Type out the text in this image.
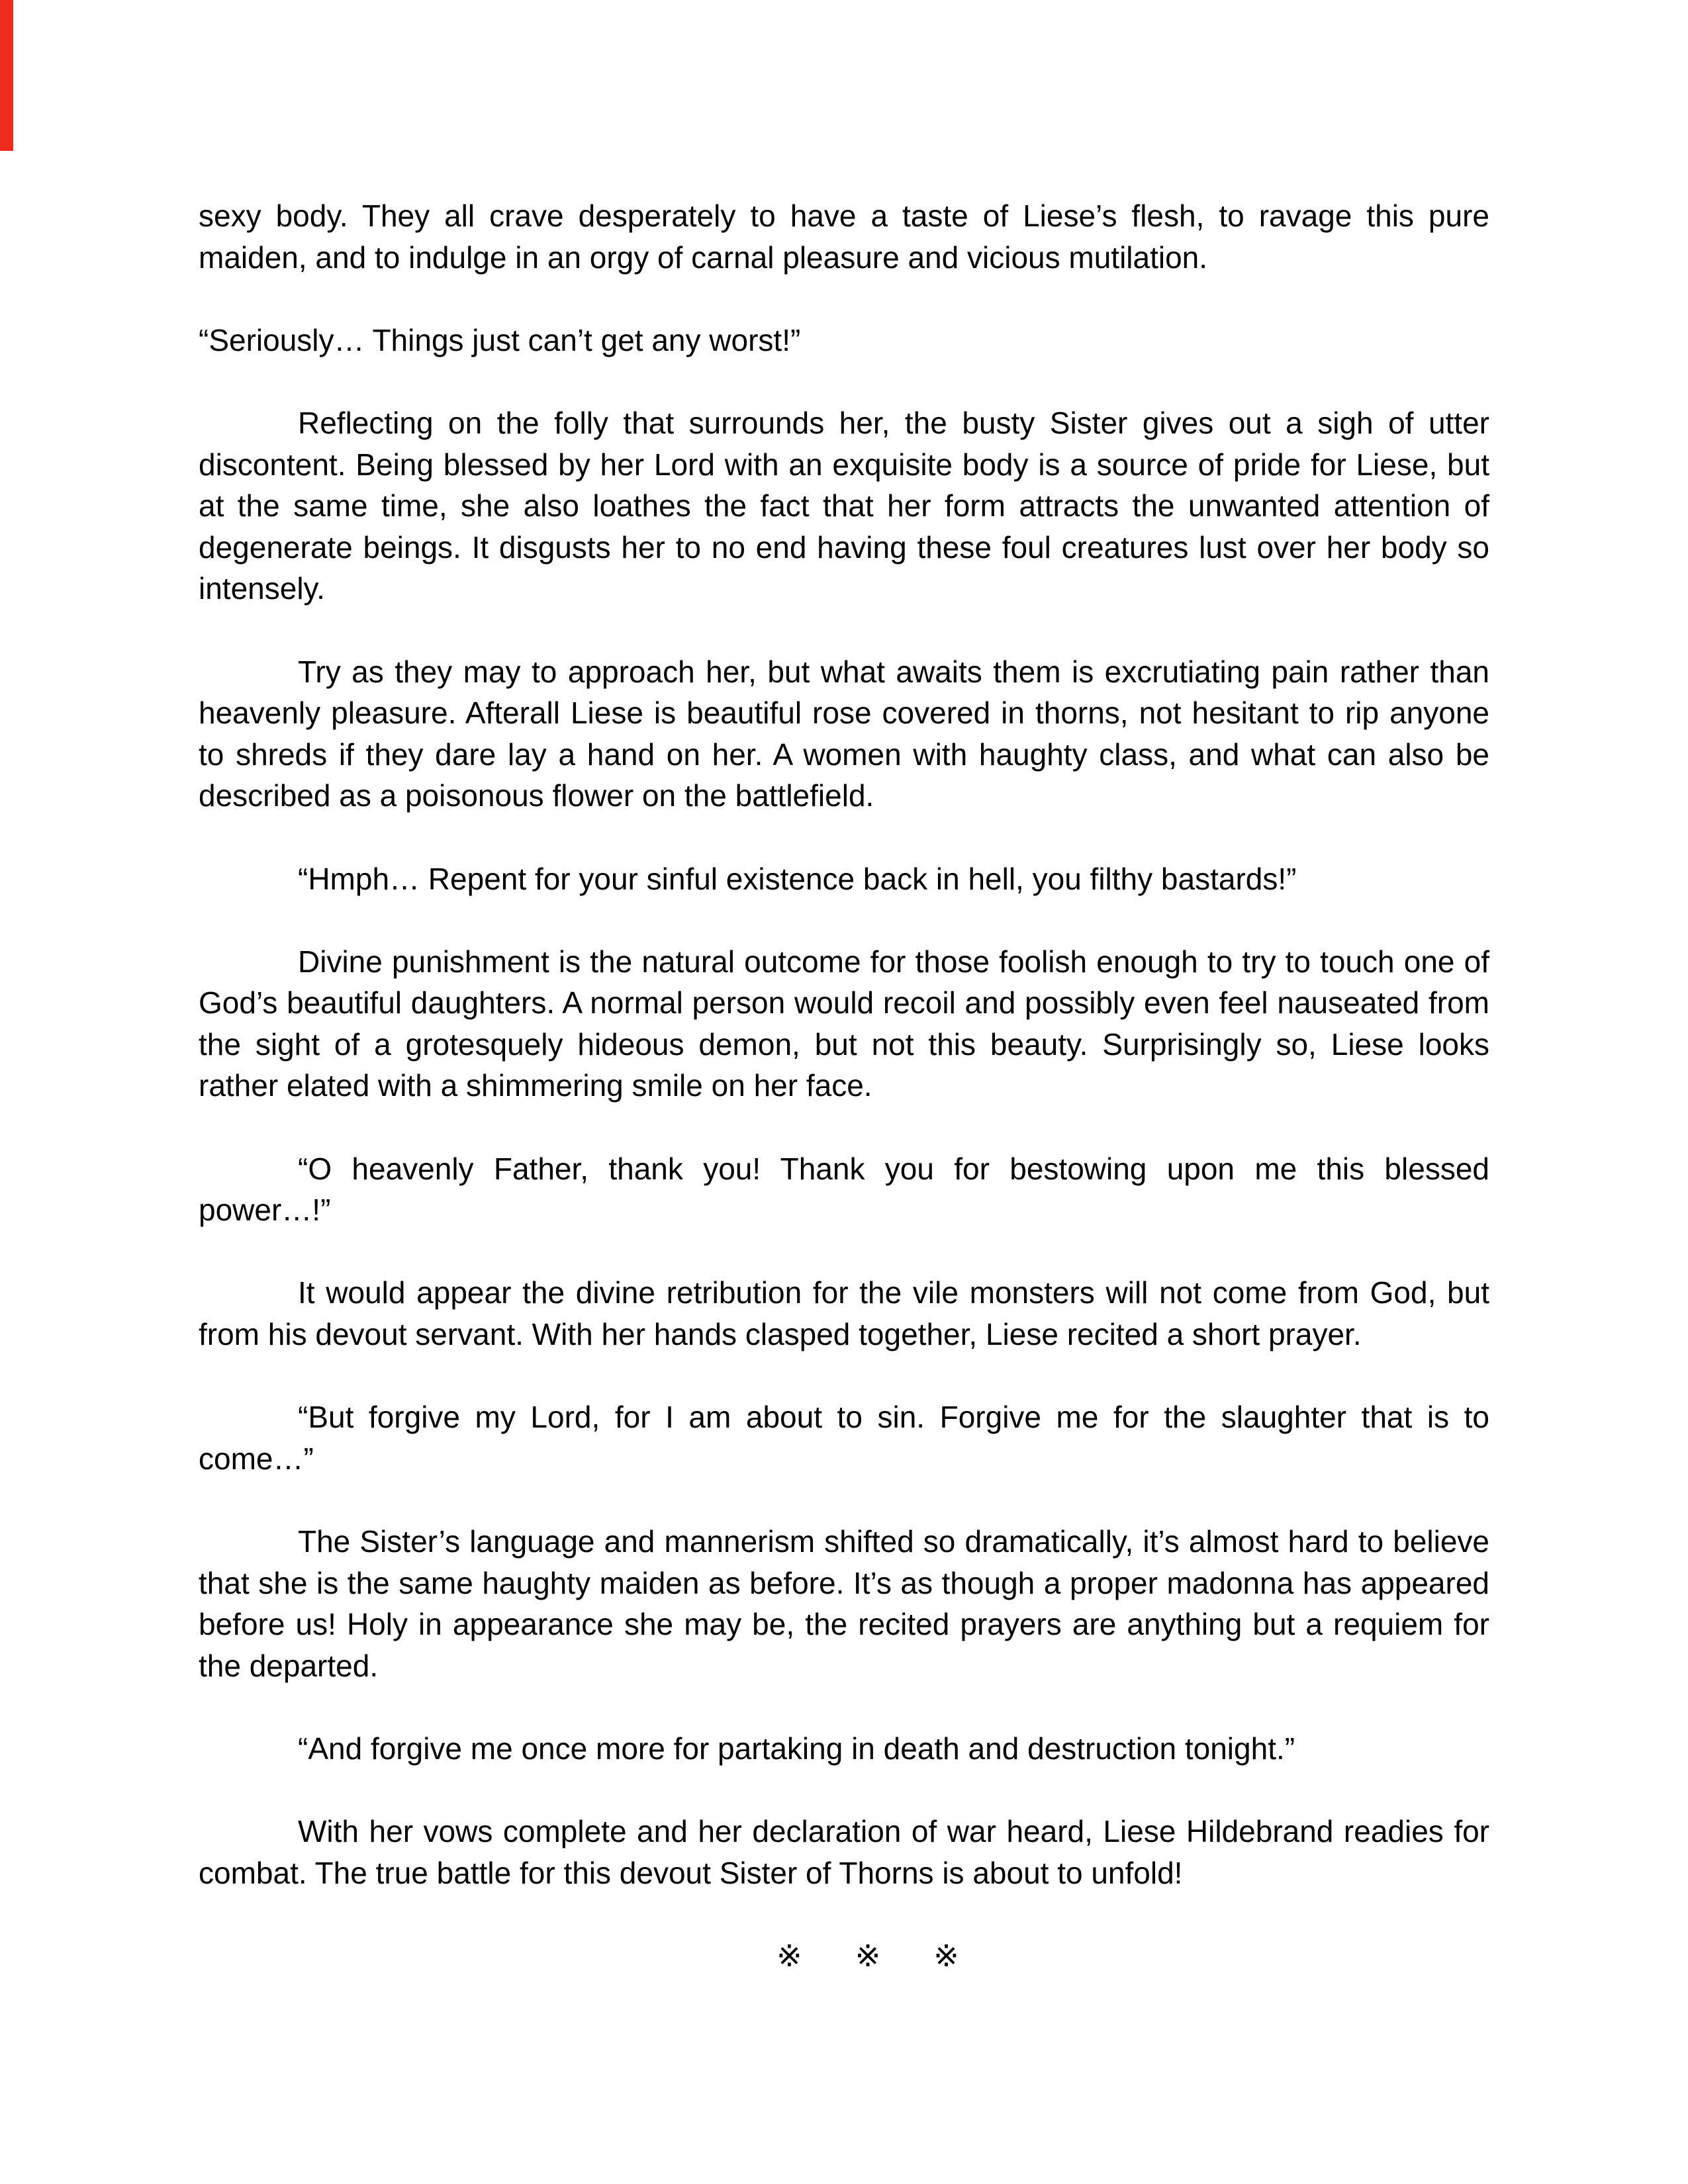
sexy body. They all crave desperately to have a taste of Liese’s flesh, to ravage this pure maiden, and to indulge in an orgy of carnal pleasure and vicious mutilation.

“Seriously… Things just can’t get any worst!”

Reflecting on the folly that surrounds her, the busty Sister gives out a sigh of utter discontent. Being blessed by her Lord with an exquisite body is a source of pride for Liese, but at the same time, she also loathes the fact that her form attracts the unwanted attention of degenerate beings. It disgusts her to no end having these foul creatures lust over her body so intensely.

Try as they may to approach her, but what awaits them is excrutiating pain rather than heavenly pleasure. Afterall Liese is beautiful rose covered in thorns, not hesitant to rip anyone to shreds if they dare lay a hand on her. A women with haughty class, and what can also be described as a poisonous flower on the battlefield.

“Hmph… Repent for your sinful existence back in hell, you filthy bastards!”

Divine punishment is the natural outcome for those foolish enough to try to touch one of God’s beautiful daughters. A normal person would recoil and possibly even feel nauseated from the sight of a grotesquely hideous demon, but not this beauty. Surprisingly so, Liese looks rather elated with a shimmering smile on her face.

“O heavenly Father, thank you! Thank you for bestowing upon me this blessed power…!”

It would appear the divine retribution for the vile monsters will not come from God, but from his devout servant. With her hands clasped together, Liese recited a short prayer.

“But forgive my Lord, for I am about to sin. Forgive me for the slaughter that is to come…”

The Sister’s language and mannerism shifted so dramatically, it’s almost hard to believe that she is the same haughty maiden as before. It’s as though a proper madonna has appeared before us! Holy in appearance she may be, the recited prayers are anything but a requiem for the departed.

“And forgive me once more for partaking in death and destruction tonight.”

With her vows complete and her declaration of war heard, Liese Hildebrand readies for combat. The true battle for this devout Sister of Thorns is about to unfold!

※ ※ ※
